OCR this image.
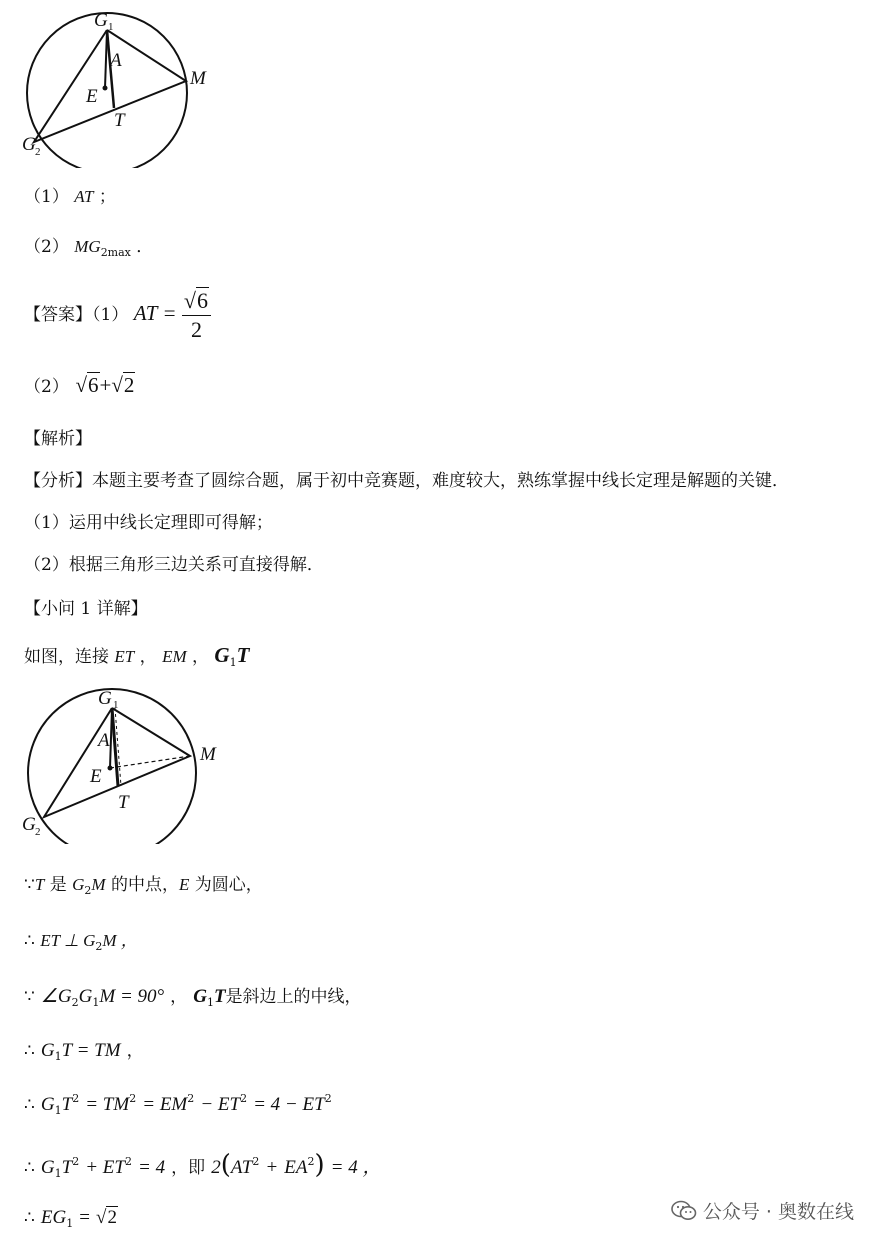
G 1
A
M
E
T
G 2
（1） AT ；
（2） $MG_{2max}$ ．
【答案】（1） AT = $\frac{√6}{2}$
（2） √6+√2
【解析】
【分析】本题主要考查了圆综合题，属于初中竞赛题，难度较大，熟练掌握中线长定理是解题的关键．
（1）运用中线长定理即可得解；
（2）根据三角形三边关系可直接得解．
【小问 1 详解】
如图，连接 ET ， EM ， $G_1T$
G 1
A
M
E
T
G 2
∵T 是 $G_2M$ 的中点，E 为圆心，
∴ ET ⊥ $G_2M$ ，
∵ $\angle G_2G_1M = 90^\circ$ ， $G_1T$是斜边上的中线，
∴ $G_1T$ = TM ，
∴ $G_1T^2 = TM^2 = EM^2 - ET^2 = 4 - ET^2$
∴ $G_1T^2 + ET^2 = 4$ ，即 $2(AT^2 + EA^2) = 4$ ，
∴ $EG_1 = √2$	公众号 · 奥数在线
